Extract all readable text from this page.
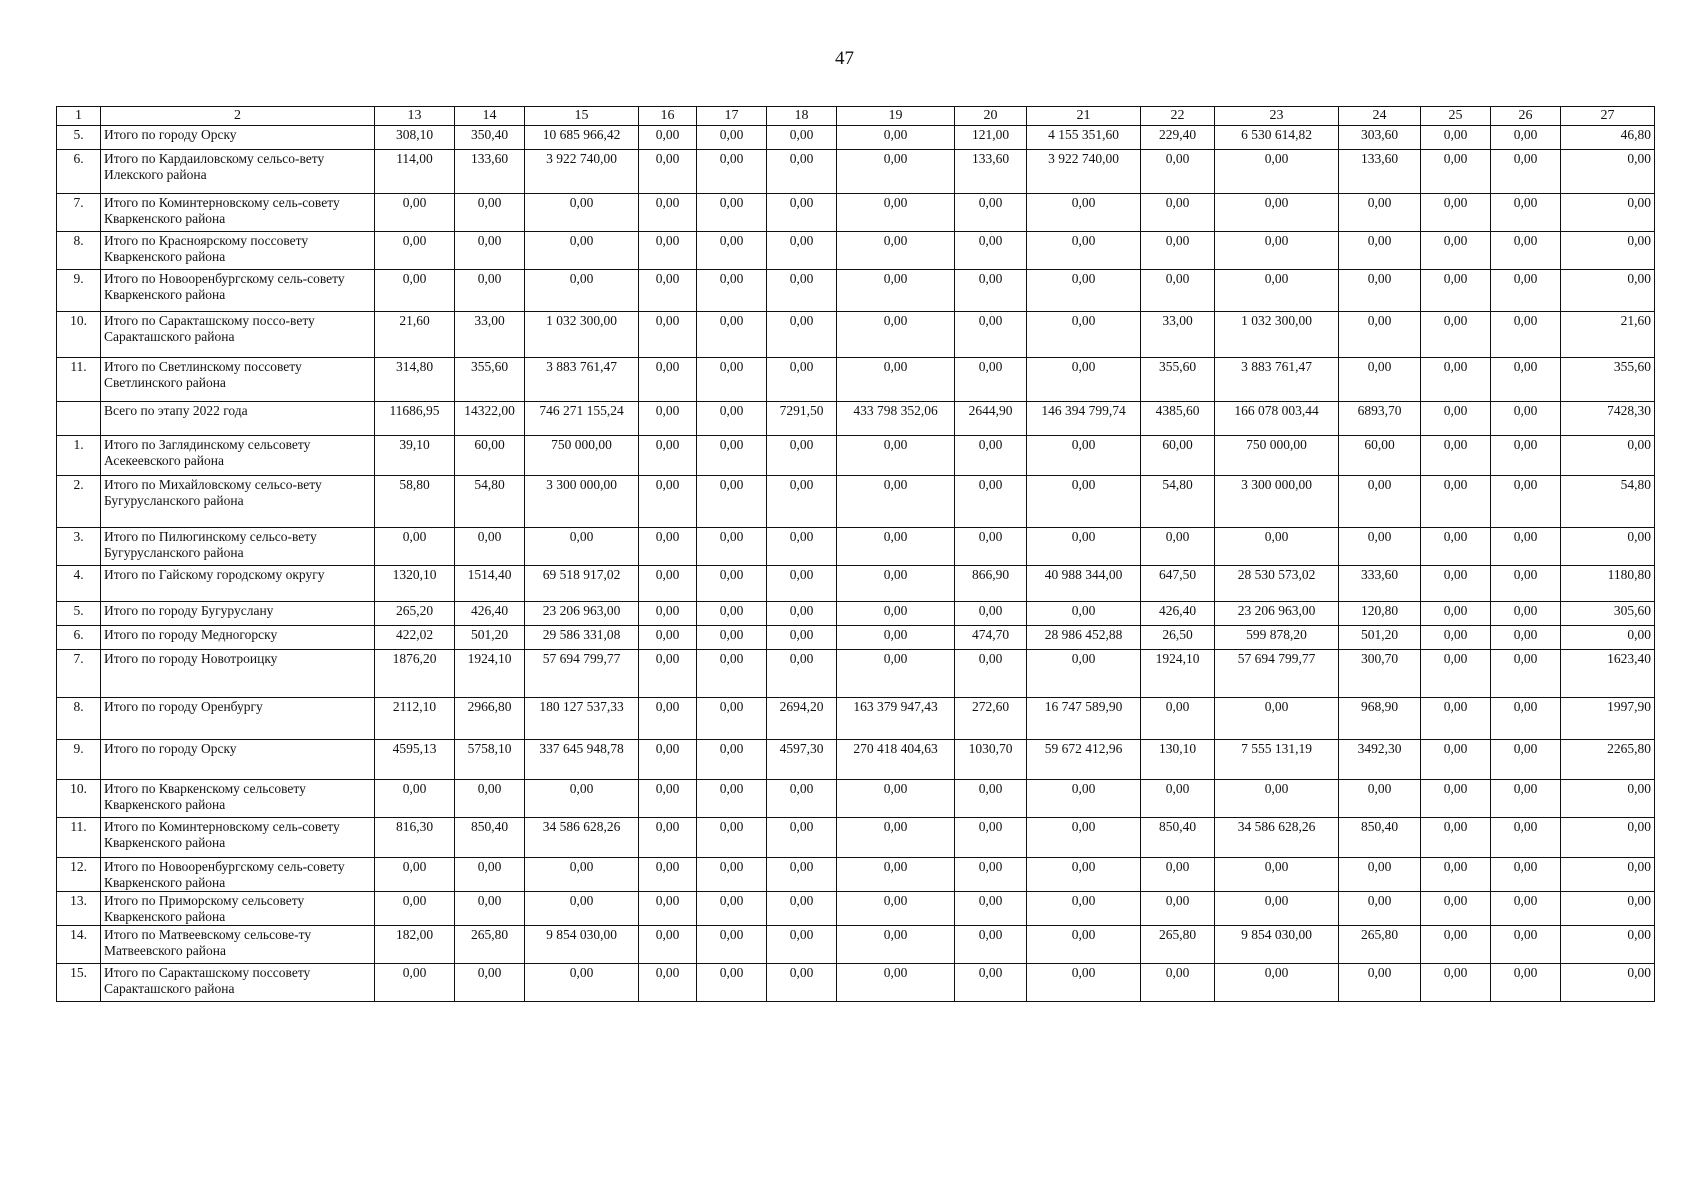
47
1	2	13	14	15	16	17	18	19	20	21	22	23	24	25	26	27
5.	Итого по городу Орску	308,10	350,40	10 685 966,42	0,00	0,00	0,00	0,00	121,00	4 155 351,60	229,40	6 530 614,82	303,60	0,00	0,00	46,80
6.	Итого по Кардаиловскому сельсо-вету Илекского района	114,00	133,60	3 922 740,00	0,00	0,00	0,00	0,00	133,60	3 922 740,00	0,00	0,00	133,60	0,00	0,00	0,00
7.	Итого по Коминтерновскому сель-совету Кваркенского района	0,00	0,00	0,00	0,00	0,00	0,00	0,00	0,00	0,00	0,00	0,00	0,00	0,00	0,00	0,00
8.	Итого по Красноярскому поссовету Кваркенского района	0,00	0,00	0,00	0,00	0,00	0,00	0,00	0,00	0,00	0,00	0,00	0,00	0,00	0,00	0,00
9.	Итого по Новооренбургскому сель-совету Кваркенского района	0,00	0,00	0,00	0,00	0,00	0,00	0,00	0,00	0,00	0,00	0,00	0,00	0,00	0,00	0,00
10.	Итого по Саракташскому поссо-вету Саракташского района	21,60	33,00	1 032 300,00	0,00	0,00	0,00	0,00	0,00	0,00	33,00	1 032 300,00	0,00	0,00	0,00	21,60
11.	Итого по Светлинскому поссовету Светлинского района	314,80	355,60	3 883 761,47	0,00	0,00	0,00	0,00	0,00	0,00	355,60	3 883 761,47	0,00	0,00	0,00	355,60
	Всего по этапу 2022 года	11686,95	14322,00	746 271 155,24	0,00	0,00	7291,50	433 798 352,06	2644,90	146 394 799,74	4385,60	166 078 003,44	6893,70	0,00	0,00	7428,30
1.	Итого по Заглядинскому сельсовету Асекеевского района	39,10	60,00	750 000,00	0,00	0,00	0,00	0,00	0,00	0,00	60,00	750 000,00	60,00	0,00	0,00	0,00
2.	Итого по Михайловскому сельсо-вету Бугурусланского района	58,80	54,80	3 300 000,00	0,00	0,00	0,00	0,00	0,00	0,00	54,80	3 300 000,00	0,00	0,00	0,00	54,80
3.	Итого по Пилюгинскому сельсо-вету Бугурусланского района	0,00	0,00	0,00	0,00	0,00	0,00	0,00	0,00	0,00	0,00	0,00	0,00	0,00	0,00	0,00
4.	Итого по Гайскому городскому округу	1320,10	1514,40	69 518 917,02	0,00	0,00	0,00	0,00	866,90	40 988 344,00	647,50	28 530 573,02	333,60	0,00	0,00	1180,80
5.	Итого по городу Бугуруслану	265,20	426,40	23 206 963,00	0,00	0,00	0,00	0,00	0,00	0,00	426,40	23 206 963,00	120,80	0,00	0,00	305,60
6.	Итого по городу Медногорску	422,02	501,20	29 586 331,08	0,00	0,00	0,00	0,00	474,70	28 986 452,88	26,50	599 878,20	501,20	0,00	0,00	0,00
7.	Итого по городу Новотроицку	1876,20	1924,10	57 694 799,77	0,00	0,00	0,00	0,00	0,00	0,00	1924,10	57 694 799,77	300,70	0,00	0,00	1623,40
8.	Итого по городу Оренбургу	2112,10	2966,80	180 127 537,33	0,00	0,00	2694,20	163 379 947,43	272,60	16 747 589,90	0,00	0,00	968,90	0,00	0,00	1997,90
9.	Итого по городу Орску	4595,13	5758,10	337 645 948,78	0,00	0,00	4597,30	270 418 404,63	1030,70	59 672 412,96	130,10	7 555 131,19	3492,30	0,00	0,00	2265,80
10.	Итого по Кваркенскому сельсовету Кваркенского района	0,00	0,00	0,00	0,00	0,00	0,00	0,00	0,00	0,00	0,00	0,00	0,00	0,00	0,00	0,00
11.	Итого по Коминтерновскому сель-совету Кваркенского района	816,30	850,40	34 586 628,26	0,00	0,00	0,00	0,00	0,00	0,00	850,40	34 586 628,26	850,40	0,00	0,00	0,00
12.	Итого по Новооренбургскому сель-совету Кваркенского района	0,00	0,00	0,00	0,00	0,00	0,00	0,00	0,00	0,00	0,00	0,00	0,00	0,00	0,00	0,00
13.	Итого по Приморскому сельсовету Кваркенского района	0,00	0,00	0,00	0,00	0,00	0,00	0,00	0,00	0,00	0,00	0,00	0,00	0,00	0,00	0,00
14.	Итого по Матвеевскому сельсове-ту Матвеевского района	182,00	265,80	9 854 030,00	0,00	0,00	0,00	0,00	0,00	0,00	265,80	9 854 030,00	265,80	0,00	0,00	0,00
15.	Итого по Саракташскому поссовету Саракташского района	0,00	0,00	0,00	0,00	0,00	0,00	0,00	0,00	0,00	0,00	0,00	0,00	0,00	0,00	0,00
